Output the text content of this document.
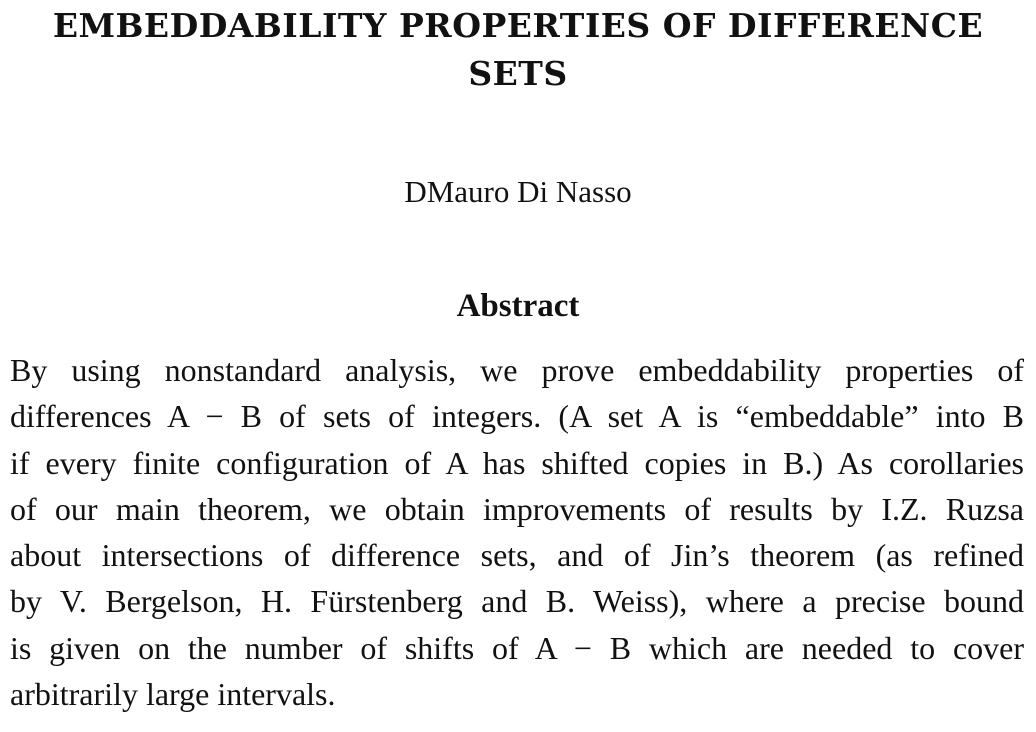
EMBEDDABILITY PROPERTIES OF DIFFERENCE SETS
DMauro Di Nasso
Abstract
By using nonstandard analysis, we prove embeddability properties of
differences A − B of sets of integers. (A set A is “embeddable” into B
if every finite configuration of A has shifted copies in B.) As corollaries
of our main theorem, we obtain improvements of results by I.Z. Ruzsa
about intersections of difference sets, and of Jin’s theorem (as refined
by V. Bergelson, H. Fürstenberg and B. Weiss), where a precise bound
is given on the number of shifts of A − B which are needed to cover
arbitrarily large intervals.
